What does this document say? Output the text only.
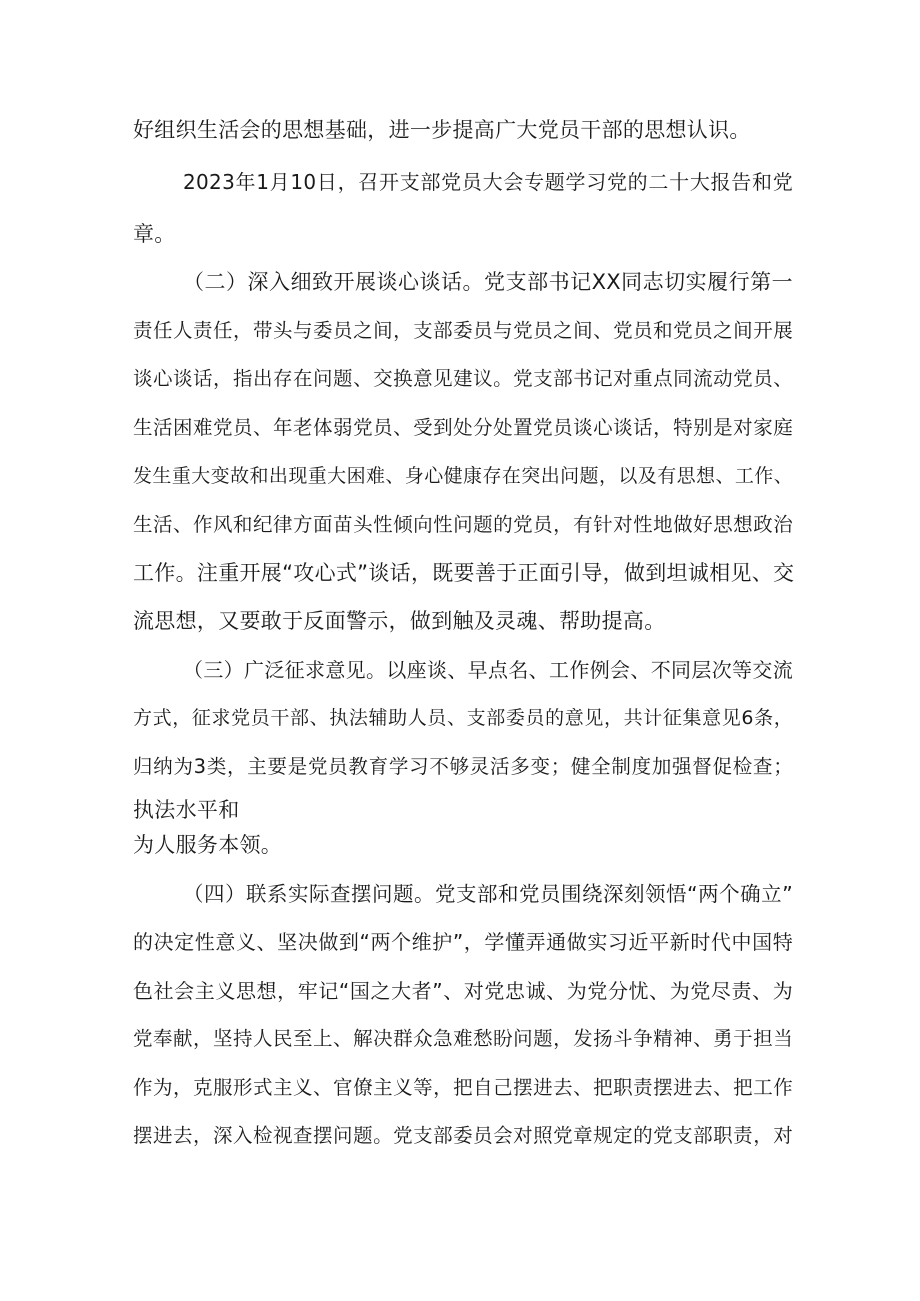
好组织生活会的思想基础，进一步提高广大党员干部的思想认识。
2023年1月10日，召开支部党员大会专题学习党的二十大报告和党
章。
（二）深入细致开展谈心谈话。党支部书记XX同志切实履行第一
责任人责任，带头与委员之间，支部委员与党员之间、党员和党员之间开展
谈心谈话，指出存在问题、交换意见建议。党支部书记对重点同流动党员、
生活困难党员、年老体弱党员、受到处分处置党员谈心谈话，特别是对家庭
发生重大变故和出现重大困难、身心健康存在突出问题，以及有思想、工作、
生活、作风和纪律方面苗头性倾向性问题的党员，有针对性地做好思想政治
工作。注重开展“攻心式”谈话，既要善于正面引导，做到坦诚相见、交
流思想，又要敢于反面警示，做到触及灵魂、帮助提高。
（三）广泛征求意见。以座谈、早点名、工作例会、不同层次等交流
方式，征求党员干部、执法辅助人员、支部委员的意见，共计征集意见6条，
归纳为3类，主要是党员教育学习不够灵活多变；健全制度加强督促检查；
执法水平和
为人服务本领。
（四）联系实际查摆问题。党支部和党员围绕深刻领悟“两个确立”
的决定性意义、坚决做到“两个维护”，学懂弄通做实习近平新时代中国特
色社会主义思想，牢记“国之大者”、对党忠诚、为党分忧、为党尽责、为
党奉献，坚持人民至上、解决群众急难愁盼问题，发扬斗争精神、勇于担当
作为，克服形式主义、官僚主义等，把自己摆进去、把职责摆进去、把工作
摆进去，深入检视查摆问题。党支部委员会对照党章规定的党支部职责，对
